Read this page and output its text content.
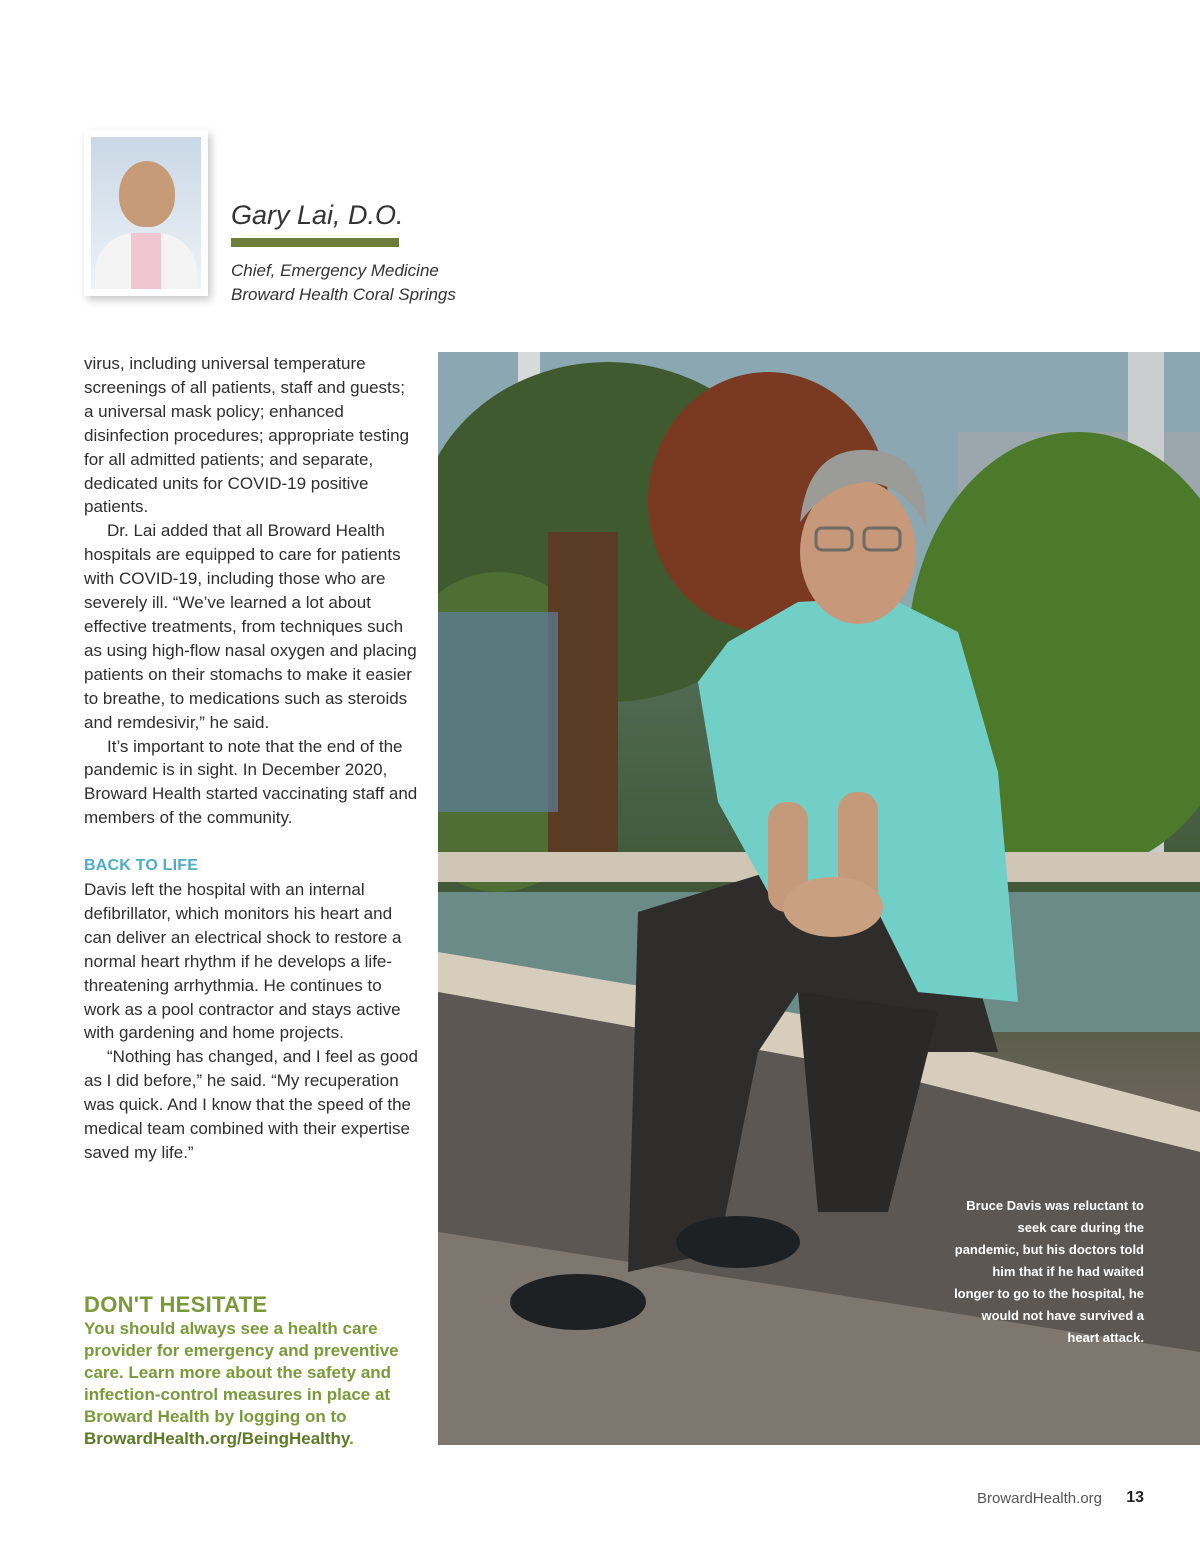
Gary Lai, D.O.
Chief, Emergency Medicine
Broward Health Coral Springs

virus, including universal temperature screenings of all patients, staff and guests; a universal mask policy; enhanced disinfection procedures; appropriate testing for all admitted patients; and separate, dedicated units for COVID-19 positive patients.

Dr. Lai added that all Broward Health hospitals are equipped to care for patients with COVID-19, including those who are severely ill. “We’ve learned a lot about effective treatments, from techniques such as using high-flow nasal oxygen and placing patients on their stomachs to make it easier to breathe, to medications such as steroids and remdesivir,” he said.

It’s important to note that the end of the pandemic is in sight. In December 2020, Broward Health started vaccinating staff and members of the community.

BACK TO LIFE

Davis left the hospital with an internal defibrillator, which monitors his heart and can deliver an electrical shock to restore a normal heart rhythm if he develops a life-threatening arrhythmia. He continues to work as a pool contractor and stays active with gardening and home projects.

“Nothing has changed, and I feel as good as I did before,” he said. “My recuperation was quick. And I know that the speed of the medical team combined with their expertise saved my life.”

DON'T HESITATE

You should always see a health care provider for emergency and preventive care. Learn more about the safety and infection-control measures in place at Broward Health by logging on to BrowardHealth.org/BeingHealthy.

Bruce Davis was reluctant to seek care during the pandemic, but his doctors told him that if he had waited longer to go to the hospital, he would not have survived a heart attack.
BrowardHealth.org 13
